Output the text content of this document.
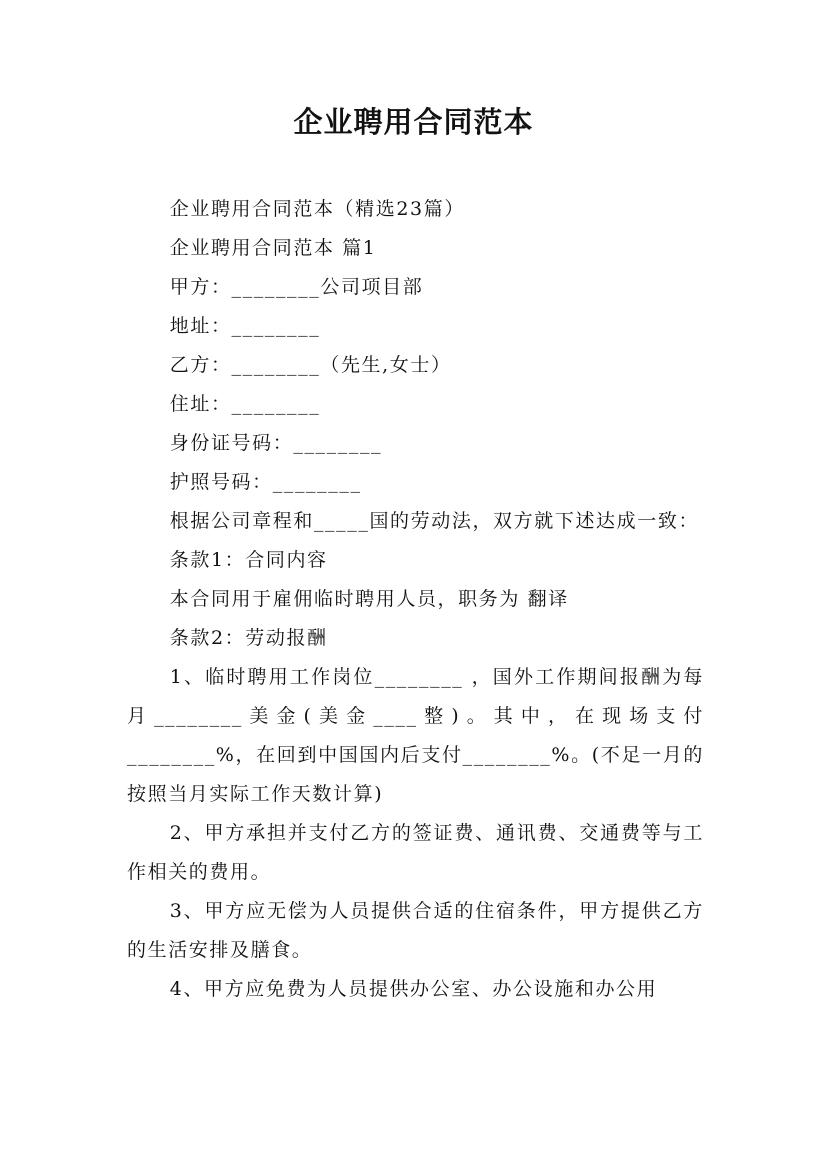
企业聘用合同范本

企业聘用合同范本（精选23篇）

企业聘用合同范本 篇1

甲方：________公司项目部

地址：________

乙方：________（先生,女士）

住址：________

身份证号码：________

护照号码：________

根据公司章程和_____国的劳动法，双方就下述达成一致：

条款1：合同内容

本合同用于雇佣临时聘用人员，职务为 翻译

条款2：劳动报酬

1、临时聘用工作岗位________ ，国外工作期间报酬为每月________美金(美金____整)。其中，在现场支付________%，在回到中国国内后支付________%。(不足一月的按照当月实际工作天数计算)

2、甲方承担并支付乙方的签证费、通讯费、交通费等与工作相关的费用。

3、甲方应无偿为人员提供合适的住宿条件，甲方提供乙方的生活安排及膳食。

4、甲方应免费为人员提供办公室、办公设施和办公用
